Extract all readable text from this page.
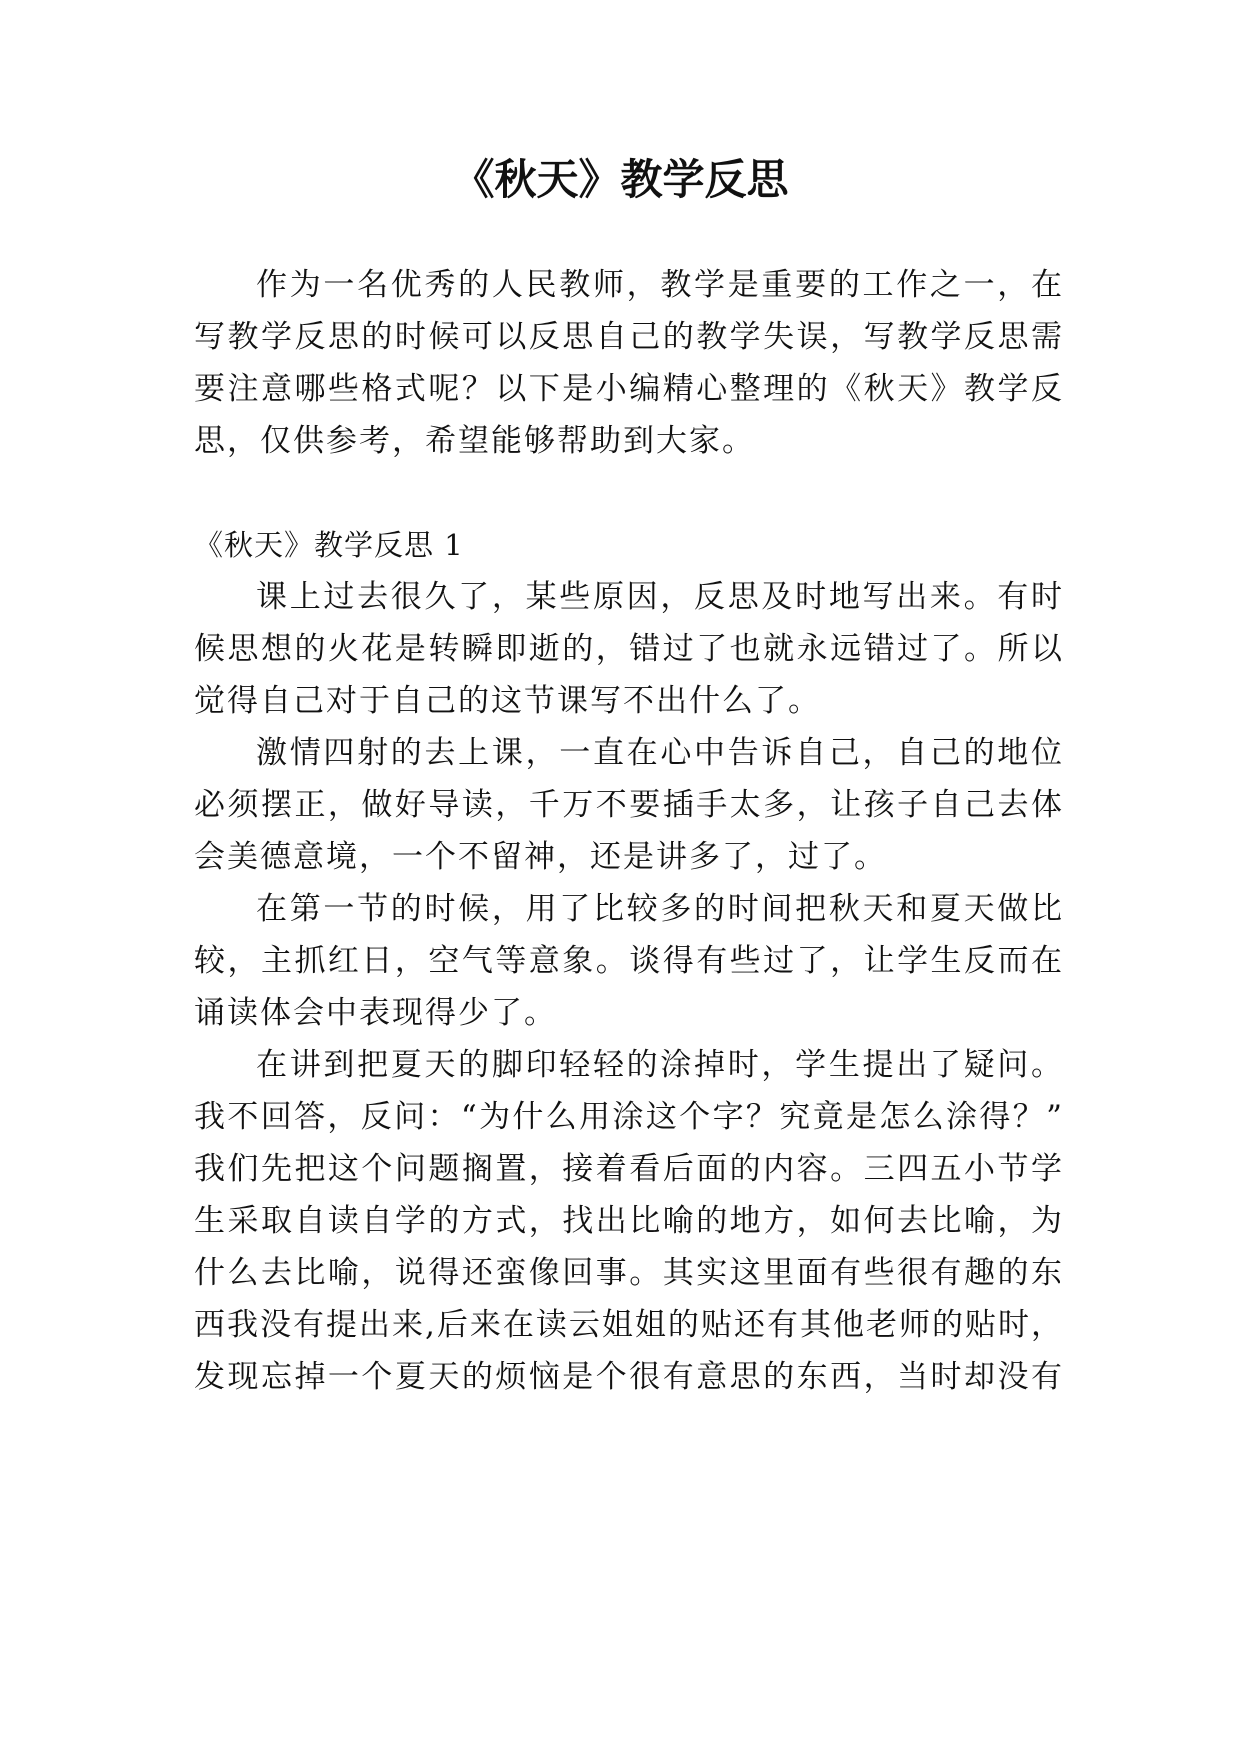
《秋天》教学反思

作为一名优秀的人民教师，教学是重要的工作之一，在

写教学反思的时候可以反思自己的教学失误，写教学反思需

要注意哪些格式呢？以下是小编精心整理的《秋天》教学反

思，仅供参考，希望能够帮助到大家。

《秋天》教学反思 1

课上过去很久了，某些原因，反思及时地写出来。有时

候思想的火花是转瞬即逝的，错过了也就永远错过了。所以

觉得自己对于自己的这节课写不出什么了。

激情四射的去上课，一直在心中告诉自己，自己的地位

必须摆正，做好导读，千万不要插手太多，让孩子自己去体

会美德意境，一个不留神，还是讲多了，过了。

在第一节的时候，用了比较多的时间把秋天和夏天做比

较，主抓红日，空气等意象。谈得有些过了，让学生反而在

诵读体会中表现得少了。

在讲到把夏天的脚印轻轻的涂掉时，学生提出了疑问。

我不回答，反问：“为什么用涂这个字？究竟是怎么涂得？”

我们先把这个问题搁置，接着看后面的内容。三四五小节学

生采取自读自学的方式，找出比喻的地方，如何去比喻，为

什么去比喻，说得还蛮像回事。其实这里面有些很有趣的东

西我没有提出来,后来在读云姐姐的贴还有其他老师的贴时，

发现忘掉一个夏天的烦恼是个很有意思的东西，当时却没有
